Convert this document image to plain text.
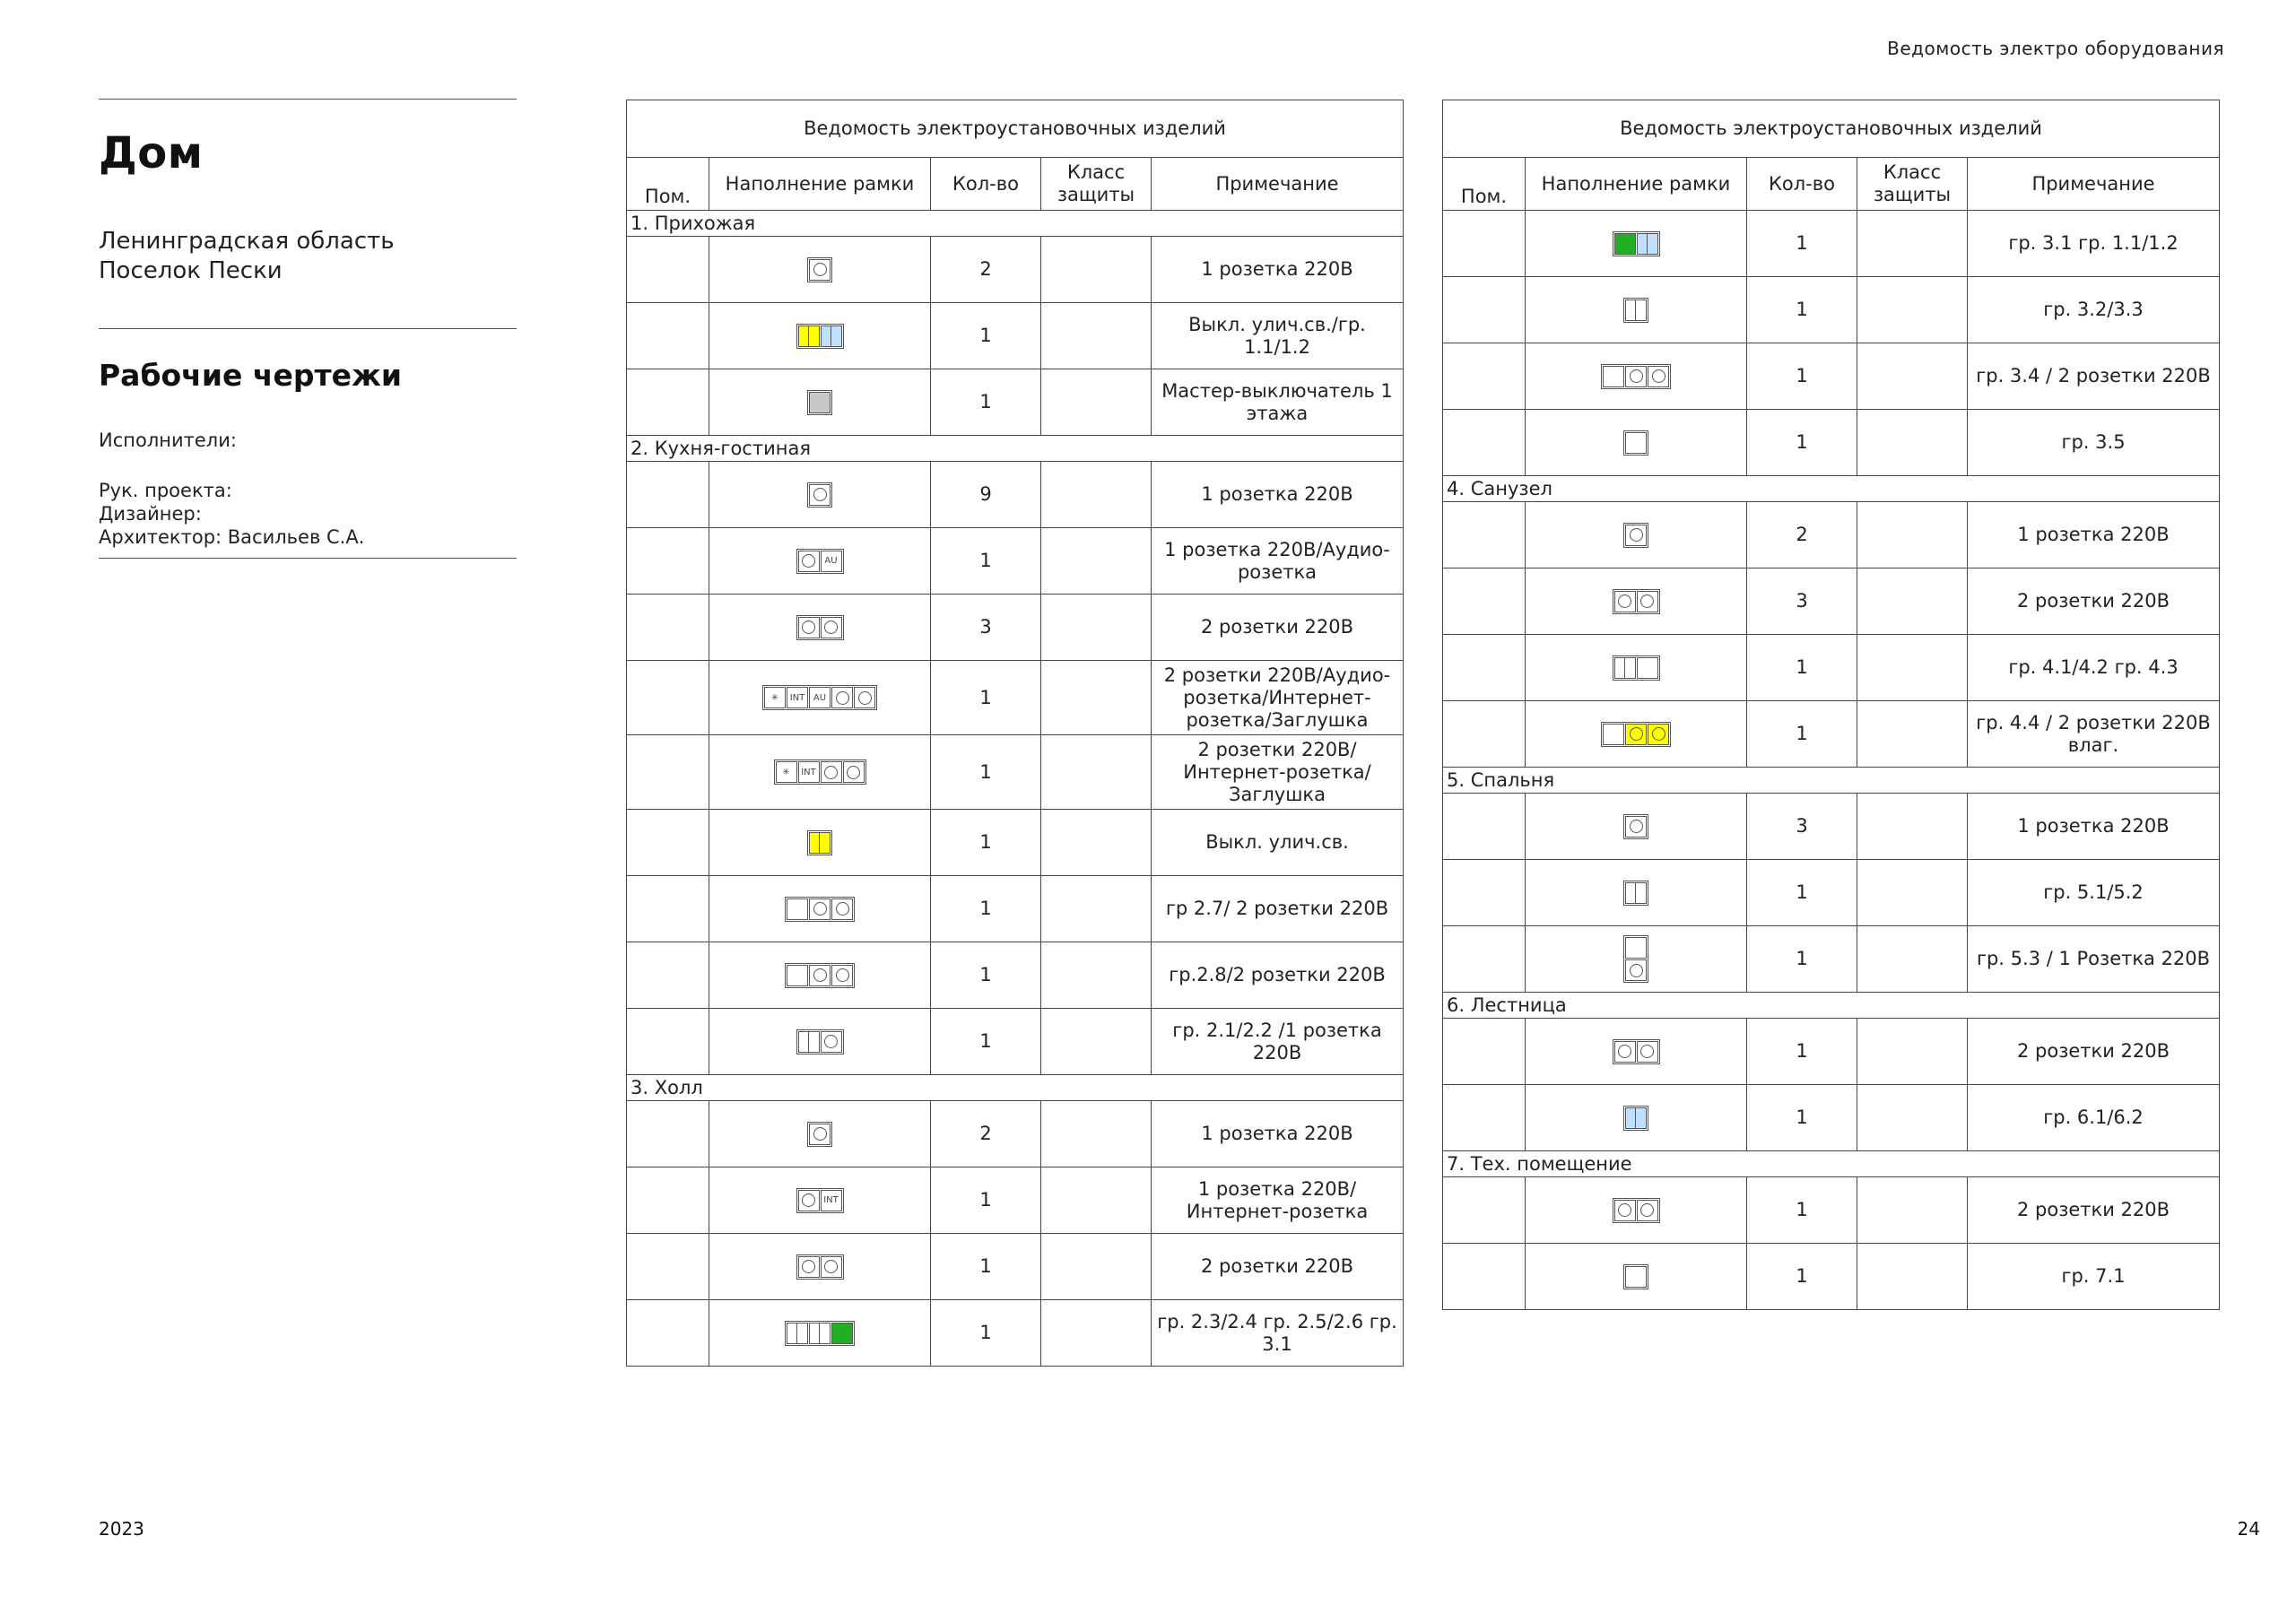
Ведомость электро оборудования
Дом
Ленинградская область
Поселок Пески
Рабочие чертежи
Исполнители:
Рук. проекта:
Дизайнер:
Архитектор: Васильев С.А.
Ведомость электроустановочных изделий				
Пом.	Наполнение рамки	Кол-во	Класс защиты	Примечание
1. Прихожая				

	2		1 розетка 220В

	1		Выкл. улич.св./гр. 1.1/1.2

	1		Мастер-выключатель 1 этажа
2. Кухня-гостиная				

	9		1 розетка 220В

AU	1		1 розетка 220В/Аудио-розетка

	3		2 розетки 220В

✳ INT AU	1		2 розетки 220В/Аудио-розетка/Интернет-розетка/Заглушка

✳ INT	1		2 розетки 220В/Интернет-розетка/Заглушка

	1		Выкл. улич.св.

	1		гр 2.7/ 2 розетки 220В

	1		гр.2.8/2 розетки 220В

	1		гр. 2.1/2.2 /1 розетка 220В
3. Холл				

	2		1 розетка 220В

INT	1		1 розетка 220В/Интернет-розетка

	1		2 розетки 220В

	1		гр. 2.3/2.4 гр. 2.5/2.6 гр. 3.1
Ведомость электроустановочных изделий				
Пом.	Наполнение рамки	Кол-во	Класс защиты	Примечание

	1		гр. 3.1 гр. 1.1/1.2

	1		гр. 3.2/3.3

	1		гр. 3.4 / 2 розетки 220В

	1		гр. 3.5
4. Санузел				

	2		1 розетка 220В

	3		2 розетки 220В

	1		гр. 4.1/4.2 гр. 4.3

	1		гр. 4.4 / 2 розетки 220В влаг.
5. Спальня				

	3		1 розетка 220В

	1		гр. 5.1/5.2

	1		гр. 5.3 / 1 Розетка 220В
6. Лестница				

	1		2 розетки 220В

	1		гр. 6.1/6.2
7. Тех. помещение				

	1		2 розетки 220В

	1		гр. 7.1
2023	24
